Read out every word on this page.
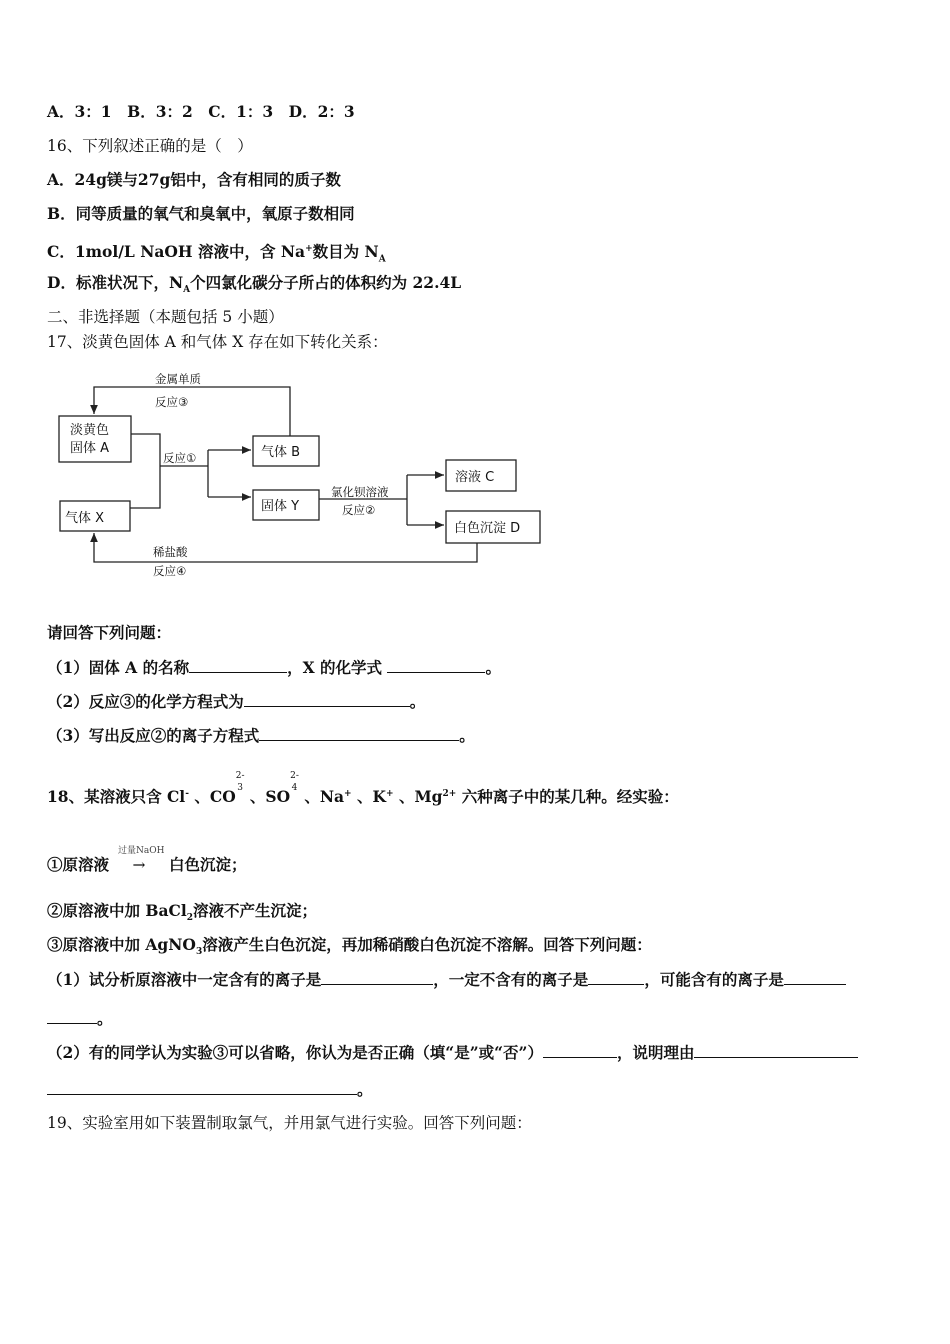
A．3：1　B．3：2　C．1：3　D．2：3
16、下列叙述正确的是（　）
A．24g镁与27g铝中，含有相同的质子数
B．同等质量的氧气和臭氧中，氧原子数相同
C．1mol/L NaOH 溶液中，含 Na+数目为 $N_A$
D．标准状况下，$N_A$个四氯化碳分子所占的体积约为 22.4L
二、非选择题（本题包括 5 小题）
17、淡黄色固体 A 和气体 X 存在如下转化关系：
淡黄色
固体 A
气体 X
气体 B
固体 Y
溶液 C
白色沉淀 D
金属单质
反应③
反应①
氯化钡溶液
反应②
稀盐酸
反应④
请回答下列问题：
（1）固体 A 的名称	，X 的化学式	。
（2）反应③的化学方程式为	。
（3）写出反应②的离子方程式	。
18、某溶液只含 Cl- 、CO2-
3 、SO2-
4 、Na+ 、K+ 、$Mg^{2+}$ 六种离子中的某几种。经实验：
过量NaOH
①原溶液 → 白色沉淀；
②原溶液中加 BaCl$_2$溶液不产生沉淀；
③原溶液中加 AgNO$_3$溶液产生白色沉淀，再加稀硝酸白色沉淀不溶解。回答下列问题：
（1）试分析原溶液中一定含有的离子是	，一定不含有的离子是	，可能含有的离子是
。
（2）有的同学认为实验③可以省略，你认为是否正确（填“是”或“否”）	，说明理由
。
19、实验室用如下装置制取氯气，并用氯气进行实验。回答下列问题：
